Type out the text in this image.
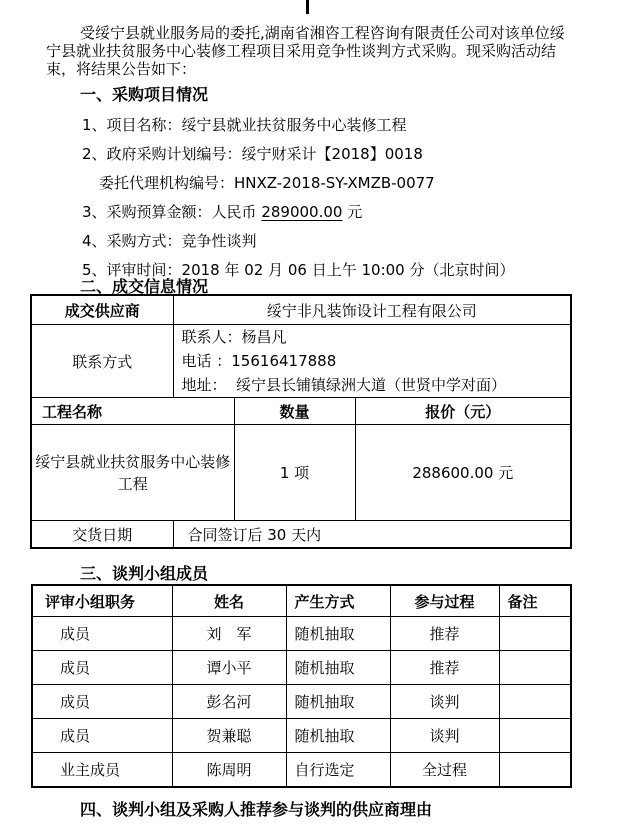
受绥宁县就业服务局的委托,湖南省湘咨工程咨询有限责任公司对该单位绥
宁县就业扶贫服务中心装修工程项目采用竞争性谈判方式采购。现采购活动结
束，将结果公告如下：
一、采购项目情况
1、项目名称：绥宁县就业扶贫服务中心装修工程
2、政府采购计划编号：绥宁财采计【2018】0018
委托代理机构编号：HNXZ-2018-SY-XMZB-0077
3、采购预算金额：人民币 289000.00 元
4、采购方式：竞争性谈判
5、评审时间：2018 年 02 月 06 日上午 10:00 分（北京时间）
二、成交信息情况
成交供应商	绥宁非凡装饰设计工程有限公司		
联系方式	联系人：杨昌凡
电话 ：15616417888
地址：  绥宁县长铺镇绿洲大道（世贤中学对面）		

工程名称		数量	报价（元）
绥宁县就业扶贫服务中心装修工程		1 项	288600.00 元
交货日期	合同签订后 30 天内		
三、谈判小组成员
评审小组职务	姓名	产生方式	参与过程	备注
成员	刘　军	随机抽取	推荐	
成员	谭小平	随机抽取	推荐	
成员	彭名河	随机抽取	谈判	
成员	贺兼聪	随机抽取	谈判	
业主成员	陈周明	自行选定	全过程	
四、谈判小组及采购人推荐参与谈判的供应商理由
